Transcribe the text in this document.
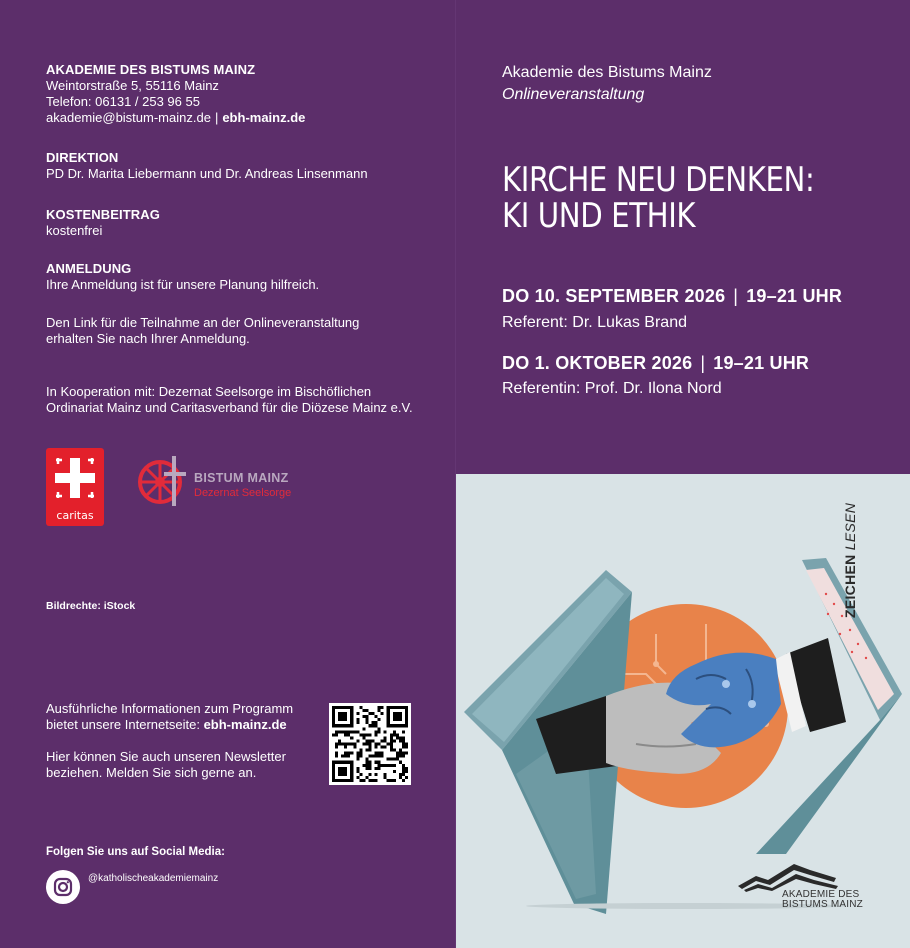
AKADEMIE DES BISTUMS MAINZ
Weintorstraße 5, 55116 Mainz
Telefon: 06131 / 253 96 55
akademie@bistum-mainz.de | ebh-mainz.de
DIREKTION
PD Dr. Marita Liebermann und Dr. Andreas Linsenmann
KOSTENBEITRAG
kostenfrei
ANMELDUNG
Ihre Anmeldung ist für unsere Planung hilfreich.
Den Link für die Teilnahme an der Onlineveranstaltung erhalten Sie nach Ihrer Anmeldung.
In Kooperation mit: Dezernat Seelsorge im Bischöflichen Ordinariat Mainz und Caritasverband für die Diözese Mainz e.V.
caritas
BISTUM MAINZ
Dezernat Seelsorge
Bildrechte: iStock
Ausführliche Informationen zum Programm bietet unsere Internetseite: ebh-mainz.de
Hier können Sie auch unseren Newsletter beziehen. Melden Sie sich gerne an.
Folgen Sie uns auf Social Media:
@katholischeakademiemainz
Akademie des Bistums Mainz
Onlineveranstaltung
KIRCHE NEU DENKEN:
KI UND ETHIK
DO 10. SEPTEMBER 2026 | 19–21 UHR
Referent: Dr. Lukas Brand
DO 1. OKTOBER 2026 | 19–21 UHR
Referentin: Prof. Dr. Ilona Nord
ZEICHEN LESEN
AKADEMIE DES
BISTUMS MAINZ
